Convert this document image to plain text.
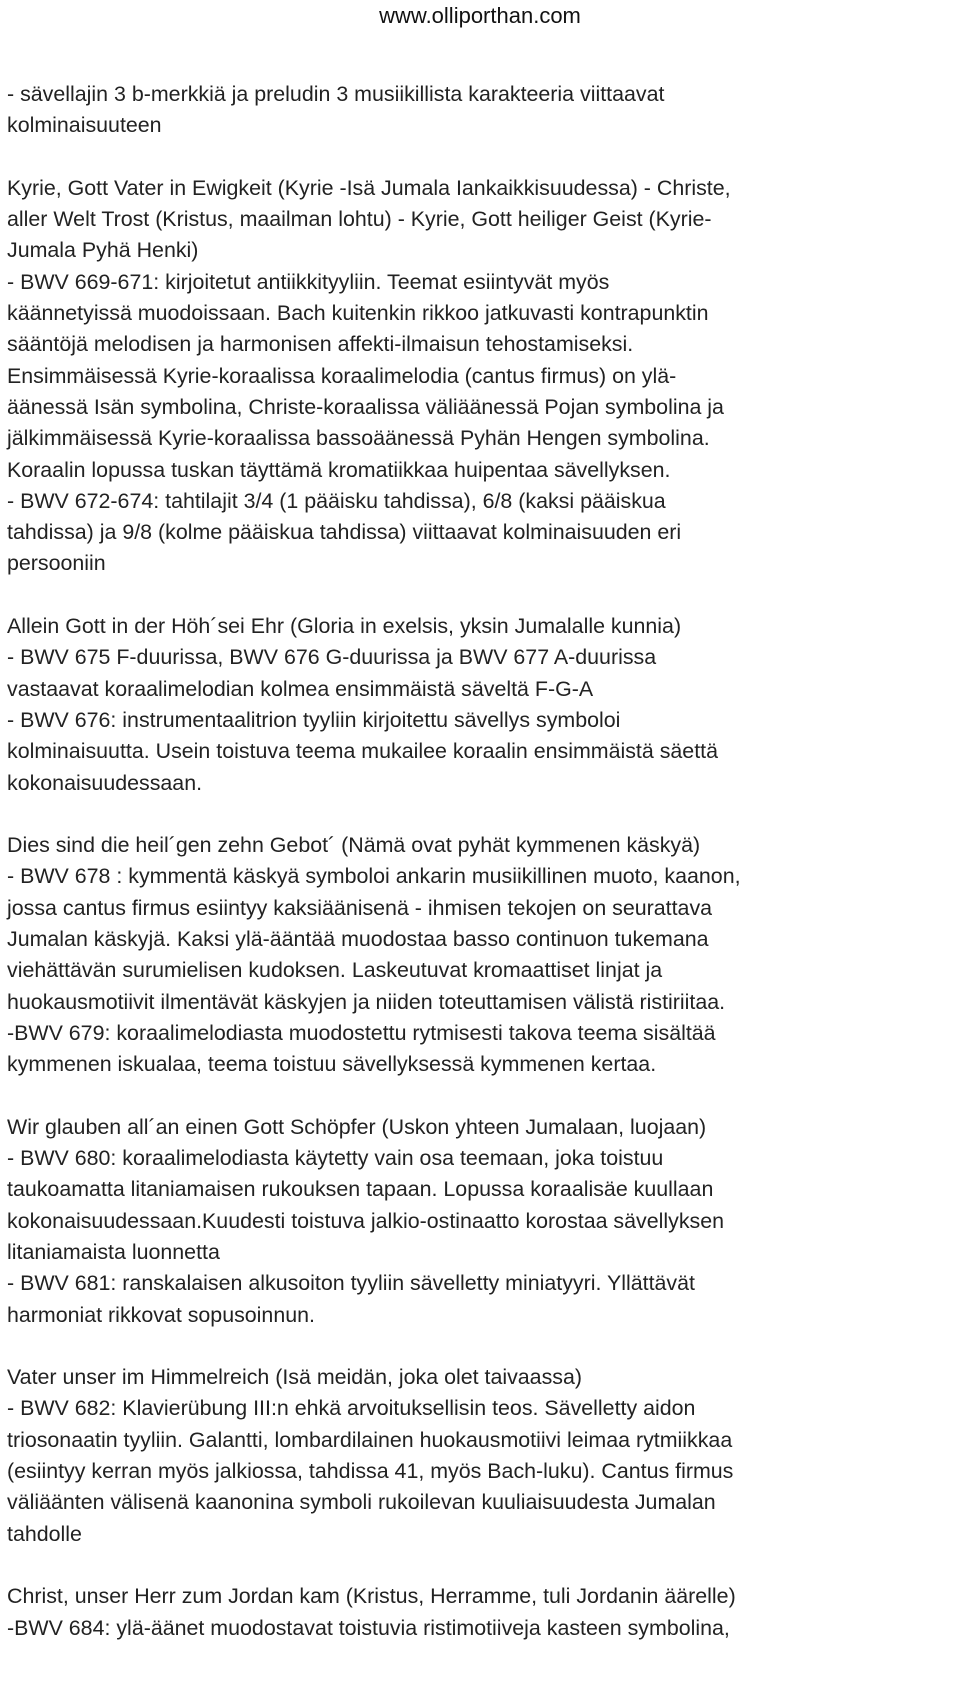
www.olliporthan.com
- sävellajin 3 b-merkkiä ja preludin 3 musiikillista karakteeria viittaavat
kolminaisuuteen
Kyrie, Gott Vater in Ewigkeit (Kyrie -Isä Jumala Iankaikkisuudessa) - Christe,
aller Welt Trost (Kristus, maailman lohtu) - Kyrie, Gott heiliger Geist (Kyrie-
Jumala Pyhä Henki)
- BWV 669-671: kirjoitetut antiikkityyliin. Teemat esiintyvät myös
käännetyissä muodoissaan. Bach kuitenkin rikkoo jatkuvasti kontrapunktin
sääntöjä melodisen ja harmonisen affekti-ilmaisun tehostamiseksi.
Ensimmäisessä Kyrie-koraalissa koraalimelodia (cantus firmus) on ylä-
äänessä Isän symbolina, Christe-koraalissa väliäänessä Pojan symbolina ja
jälkimmäisessä Kyrie-koraalissa bassoäänessä Pyhän Hengen symbolina.
Koraalin lopussa tuskan täyttämä kromatiikkaa huipentaa sävellyksen.
- BWV 672-674: tahtilajit 3/4 (1 pääisku tahdissa), 6/8 (kaksi pääiskua
tahdissa) ja 9/8 (kolme pääiskua tahdissa) viittaavat kolminaisuuden eri
persooniin
Allein Gott in der Höh´sei Ehr (Gloria in exelsis, yksin Jumalalle kunnia)
- BWV 675 F-duurissa, BWV 676 G-duurissa ja BWV 677 A-duurissa
vastaavat koraalimelodian kolmea ensimmäistä säveltä F-G-A
- BWV 676: instrumentaalitrion tyyliin kirjoitettu sävellys symboloi
kolminaisuutta. Usein toistuva teema mukailee koraalin ensimmäistä säettä
kokonaisuudessaan.
Dies sind die heil´gen zehn Gebot´ (Nämä ovat pyhät kymmenen käskyä)
- BWV 678 : kymmentä käskyä symboloi ankarin musiikillinen muoto, kaanon,
jossa cantus firmus esiintyy kaksiäänisenä - ihmisen tekojen on seurattava
Jumalan käskyjä. Kaksi ylä-ääntää muodostaa basso continuon tukemana
viehättävän surumielisen kudoksen. Laskeutuvat kromaattiset linjat ja
huokausmotiivit ilmentävät käskyjen ja niiden toteuttamisen välistä ristiriitaa.
-BWV 679: koraalimelodiasta muodostettu rytmisesti takova teema sisältää
kymmenen iskualaa, teema toistuu sävellyksessä kymmenen kertaa.
Wir glauben all´an einen Gott Schöpfer (Uskon yhteen Jumalaan, luojaan)
- BWV 680: koraalimelodiasta käytetty vain osa teemaan, joka toistuu
taukoamatta litaniamaisen rukouksen tapaan. Lopussa koraalisäe kuullaan
kokonaisuudessaan.Kuudesti toistuva jalkio-ostinaatto korostaa sävellyksen
litaniamaista luonnetta
- BWV 681: ranskalaisen alkusoiton tyyliin sävelletty miniatyyri. Yllättävät
harmoniat rikkovat sopusoinnun.
Vater unser im Himmelreich (Isä meidän, joka olet taivaassa)
- BWV 682: Klavierübung III:n ehkä arvoituksellisin teos. Sävelletty aidon
triosonaatin tyyliin. Galantti, lombardilainen huokausmotiivi leimaa rytmiikkaa
(esiintyy kerran myös jalkiossa, tahdissa 41, myös Bach-luku). Cantus firmus
väliäänten välisenä kaanonina symboli rukoilevan kuuliaisuudesta Jumalan
tahdolle
Christ, unser Herr zum Jordan kam (Kristus, Herramme, tuli Jordanin äärelle)
-BWV 684: ylä-äänet muodostavat toistuvia ristimotiiveja kasteen symbolina,
